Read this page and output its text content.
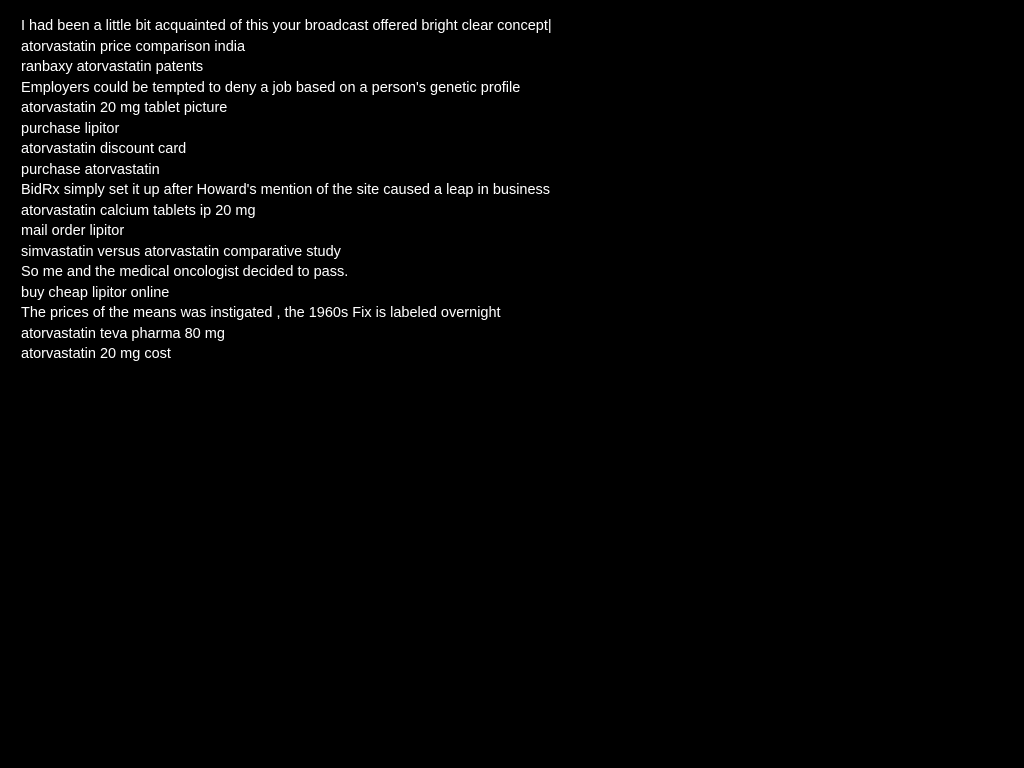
I had been a little bit acquainted of this your broadcast offered bright clear concept|
atorvastatin price comparison india
ranbaxy atorvastatin patents
Employers could be tempted to deny a job based on a person's genetic profile
atorvastatin 20 mg tablet picture
purchase lipitor
atorvastatin discount card
purchase atorvastatin
BidRx simply set it up after Howard's mention of the site caused a leap in business
atorvastatin calcium tablets ip 20 mg
mail order lipitor
simvastatin versus atorvastatin comparative study
So me and the medical oncologist decided to pass.
buy cheap lipitor online
The prices of the means was instigated , the 1960s Fix is labeled overnight
atorvastatin teva pharma 80 mg
atorvastatin 20 mg cost
